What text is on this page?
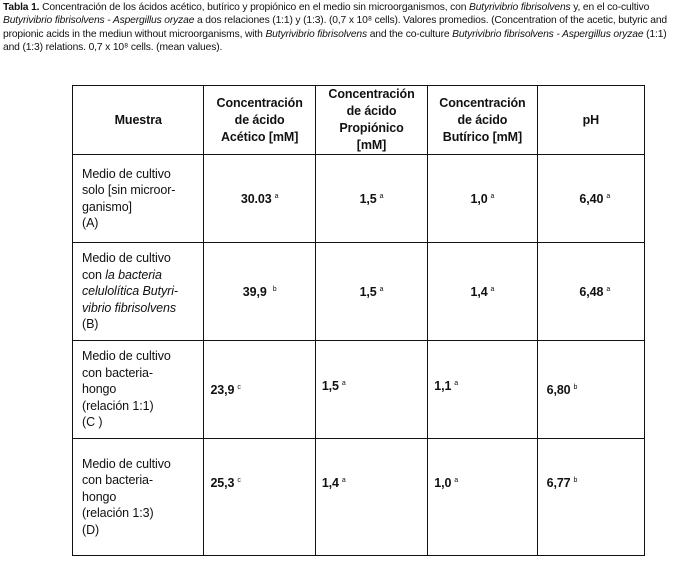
Tabla 1. Concentración de los ácidos acético, butírico y propiónico en el medio sin microorganismos, con Butyrivibrio fibrisolvens y, en el co-cultivo Butyrivibrio fibrisolvens - Aspergillus oryzae a dos relaciones (1:1) y (1:3). (0,7 x 10⁸ cells). Valores promedios. (Concentration of the acetic, butyric and propionic acids in the mediun without microorganisms, with Butyrivibrio fibrisolvens and the co-culture Butyrivibrio fibrisolvens - Aspergillus oryzae (1:1) and (1:3) relations. 0,7 x 10⁸ cells. (mean values).
Muestra	Concentración
de ácido
Acético [mM]	Concentración
de ácido
Propiónico
[mM]	Concentración
de ácido
Butírico [mM]	pH
Medio de cultivo
solo [sin microor-
ganismo]
(A)	30.03 $^a$	1,5 $^a$	1,0 $^a$	6,40 $^a$
Medio de cultivo
con la bacteria
celulolítica Butyri-
vibrio fibrisolvens
(B)	39,9 $^b$	1,5 $^a$	1,4 $^a$	6,48 $^a$
Medio de cultivo
con bacteria-
hongo
(relación 1:1)
(C )	23,9 $^c$	1,5 $^a$	1,1 $^a$	6,80 $^b$
Medio de cultivo
con bacteria-
hongo
(relación 1:3)
(D)	25,3 $^c$	1,4 $^a$	1,0 $^a$	6,77 $^b$
